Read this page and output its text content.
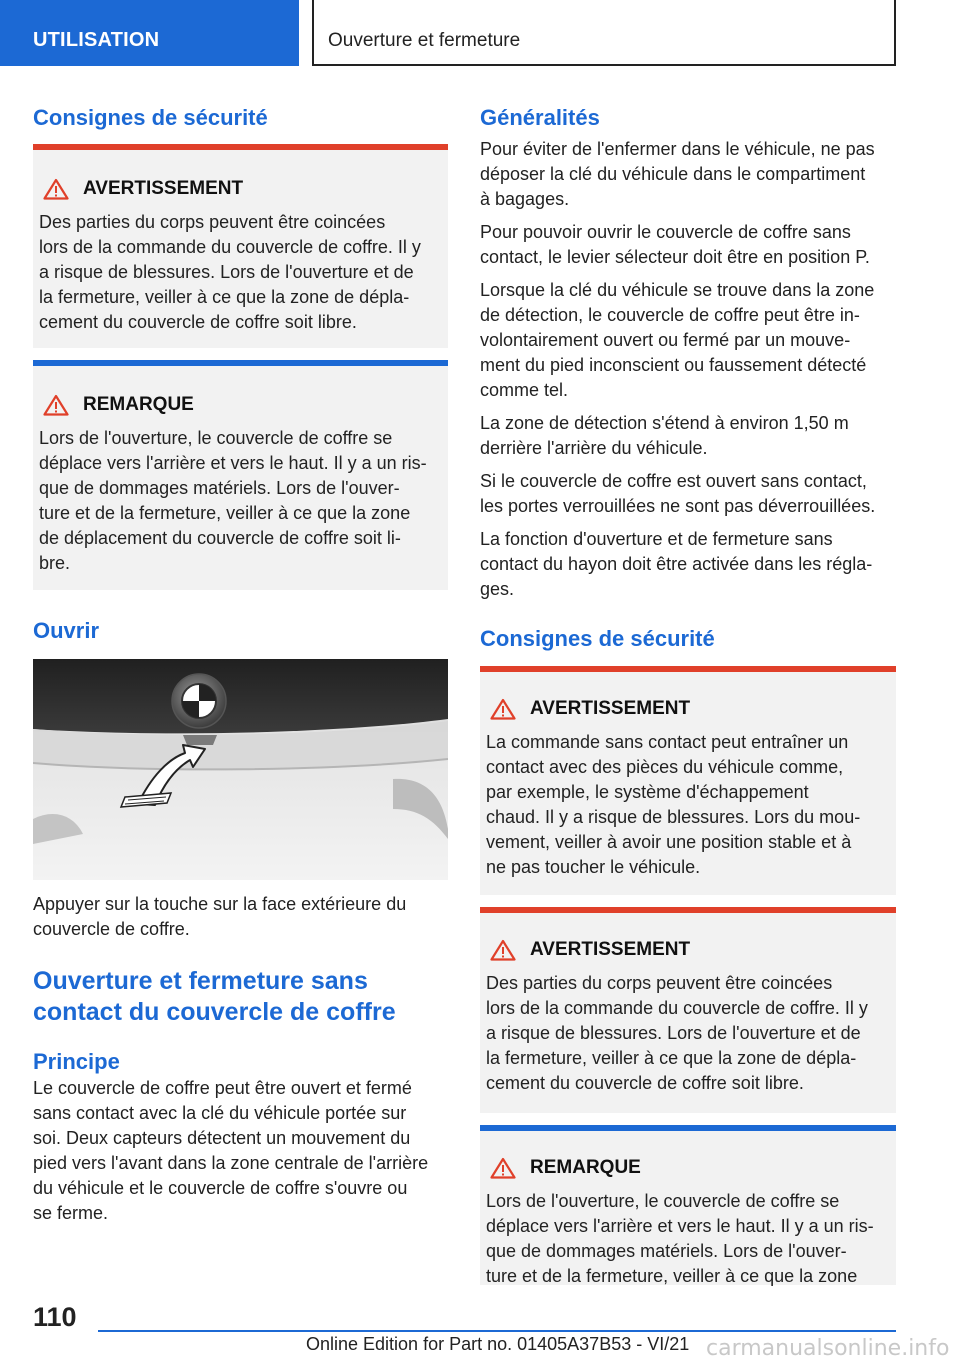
UTILISATION	Ouverture et fermeture
Consignes de sécurité
AVERTISSEMENT
Des parties du corps peuvent être coincées
lors de la commande du couvercle de coffre. Il y
a risque de blessures. Lors de l'ouverture et de
la fermeture, veiller à ce que la zone de dépla-
cement du couvercle de coffre soit libre.
REMARQUE
Lors de l'ouverture, le couvercle de coffre se
déplace vers l'arrière et vers le haut. Il y a un ris-
que de dommages matériels. Lors de l'ouver-
ture et de la fermeture, veiller à ce que la zone
de déplacement du couvercle de coffre soit li-
bre.
Ouvrir
Appuyer sur la touche sur la face extérieure du
couvercle de coffre.
Ouverture et fermeture sans
contact du couvercle de coffre
Principe
Le couvercle de coffre peut être ouvert et fermé
sans contact avec la clé du véhicule portée sur
soi. Deux capteurs détectent un mouvement du
pied vers l'avant dans la zone centrale de l'arrière
du véhicule et le couvercle de coffre s'ouvre ou
se ferme.
Généralités
Pour éviter de l'enfermer dans le véhicule, ne pas
déposer la clé du véhicule dans le compartiment
à bagages.
Pour pouvoir ouvrir le couvercle de coffre sans
contact, le levier sélecteur doit être en position P.
Lorsque la clé du véhicule se trouve dans la zone
de détection, le couvercle de coffre peut être in-
volontairement ouvert ou fermé par un mouve-
ment du pied inconscient ou faussement détecté
comme tel.
La zone de détection s'étend à environ 1,50 m
derrière l'arrière du véhicule.
Si le couvercle de coffre est ouvert sans contact,
les portes verrouillées ne sont pas déverrouillées.
La fonction d'ouverture et de fermeture sans
contact du hayon doit être activée dans les régla-
ges.
Consignes de sécurité
AVERTISSEMENT
La commande sans contact peut entraîner un
contact avec des pièces du véhicule comme,
par exemple, le système d'échappement
chaud. Il y a risque de blessures. Lors du mou-
vement, veiller à avoir une position stable et à
ne pas toucher le véhicule.
AVERTISSEMENT
Des parties du corps peuvent être coincées
lors de la commande du couvercle de coffre. Il y
a risque de blessures. Lors de l'ouverture et de
la fermeture, veiller à ce que la zone de dépla-
cement du couvercle de coffre soit libre.
REMARQUE
Lors de l'ouverture, le couvercle de coffre se
déplace vers l'arrière et vers le haut. Il y a un ris-
que de dommages matériels. Lors de l'ouver-
ture et de la fermeture, veiller à ce que la zone
110
Online Edition for Part no. 01405A37B53 - VI/21 carmanualsonline.info
